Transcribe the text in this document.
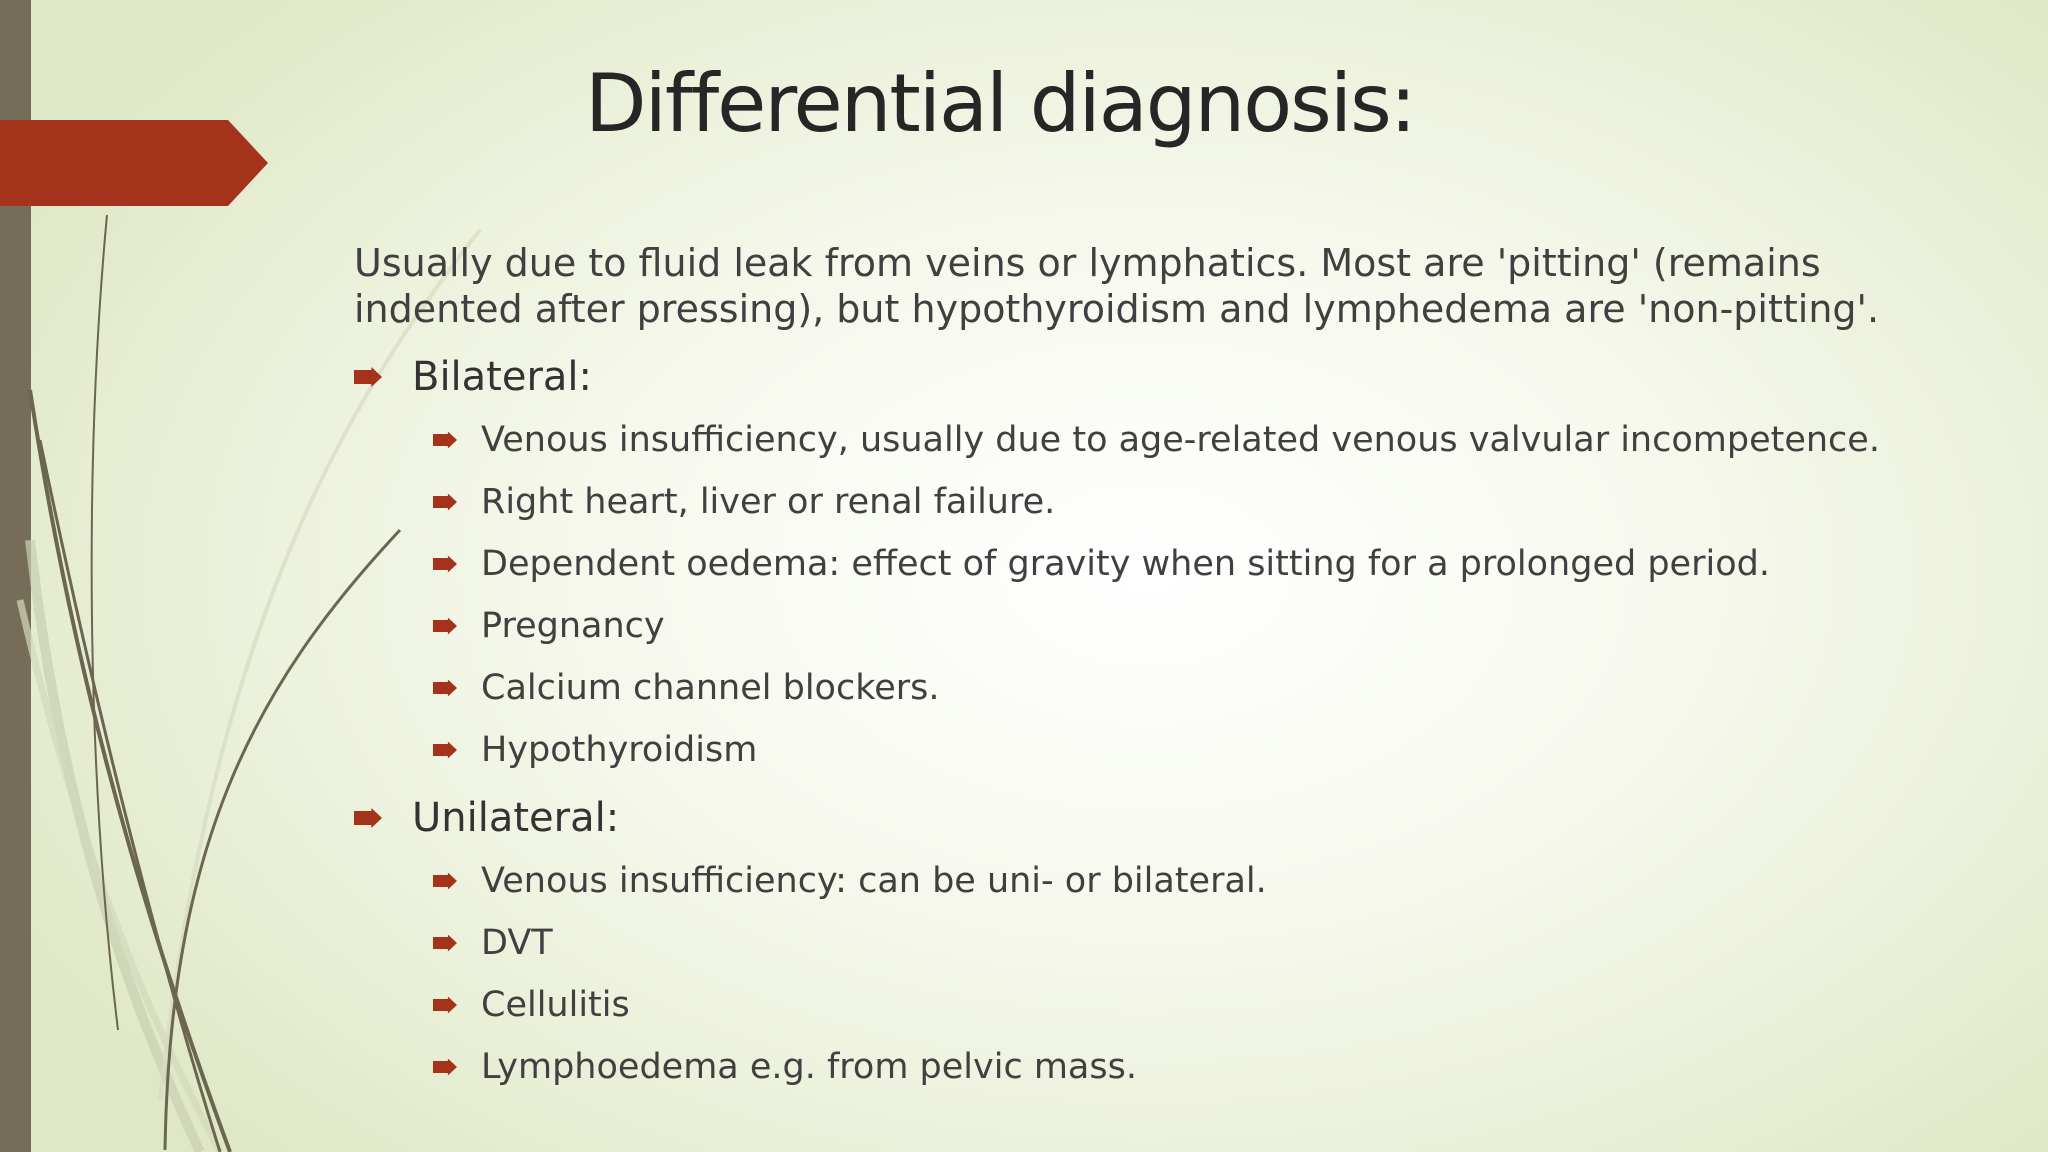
Differential diagnosis:

Usually due to fluid leak from veins or lymphatics. Most are 'pitting' (remains indented after pressing), but hypothyroidism and lymphedema are 'non-pitting'.

Bilateral:
Venous insufficiency, usually due to age-related venous valvular incompetence.
Right heart, liver or renal failure.
Dependent oedema: effect of gravity when sitting for a prolonged period.
Pregnancy
Calcium channel blockers.
Hypothyroidism
Unilateral:
Venous insufficiency: can be uni- or bilateral.
DVT
Cellulitis
Lymphoedema e.g. from pelvic mass.
